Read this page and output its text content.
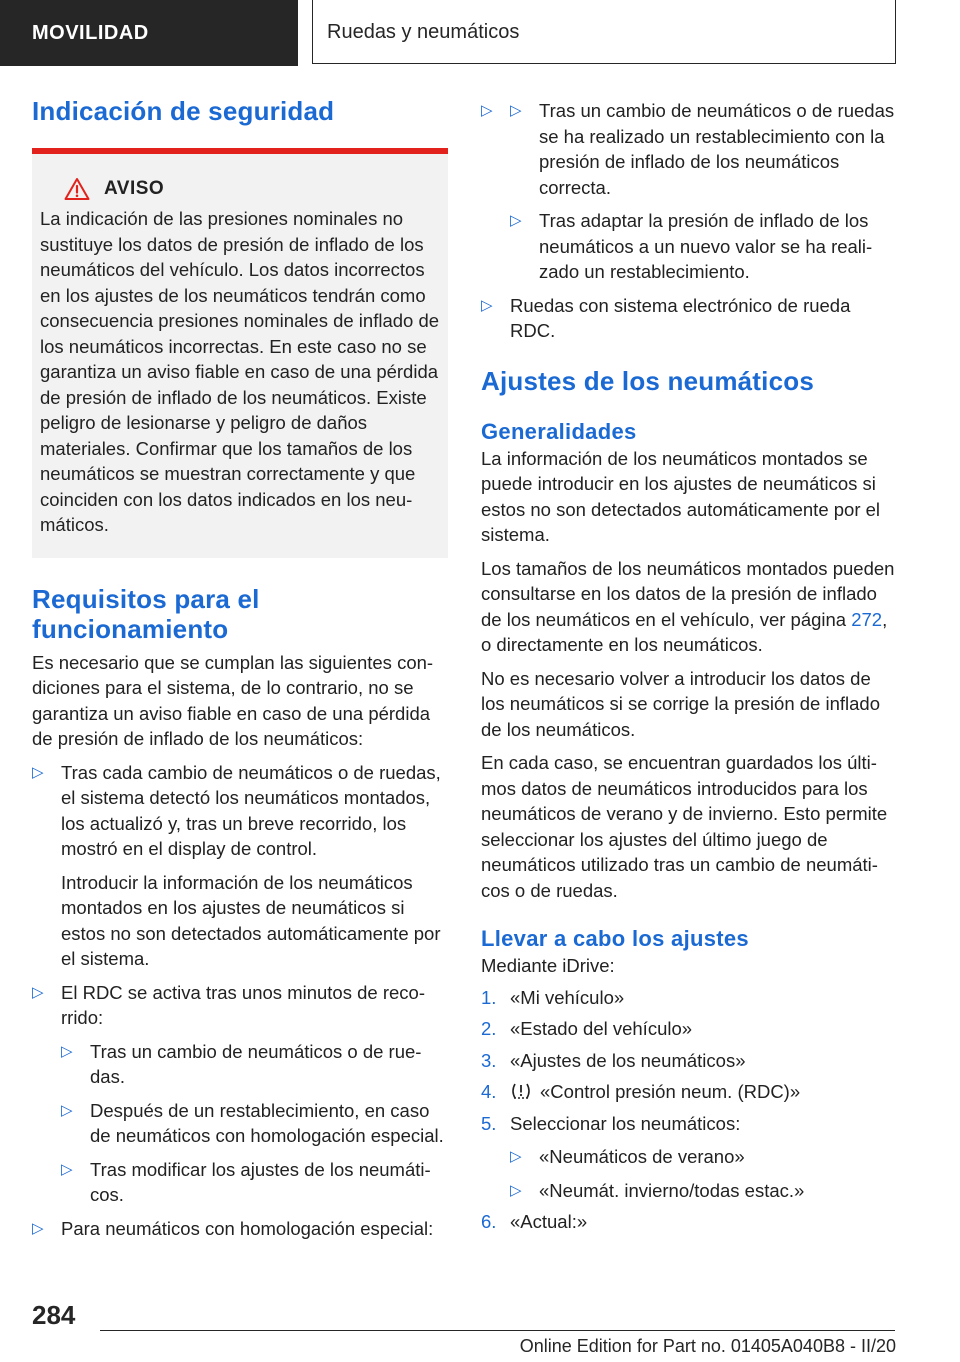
MOVILIDAD	Ruedas y neumáticos
Indicación de seguridad
AVISO

La indicación de las presiones nominales no sustituye los datos de presión de inflado de los neumáticos del vehículo. Los datos incorrectos en los ajustes de los neumáticos tendrán como consecuencia presiones nominales de inflado de los neumáticos incorrectas. En este caso no se garantiza un aviso fiable en caso de una pérdida de presión de inflado de los neumáticos. Existe peligro de lesionarse y peligro de daños materiales. Confirmar que los tamaños de los neumáticos se muestran correctamente y que coinciden con los datos indicados en los neumáticos.

Requisitos para el funcionamiento

Es necesario que se cumplan las siguientes condiciones para el sistema, de lo contrario, no se garantiza un aviso fiable en caso de una pérdida de presión de inflado de los neumáticos:

▷ Tras cada cambio de neumáticos o de ruedas, el sistema detectó los neumáticos montados, los actualizó y, tras un breve recorrido, los mostró en el display de control.

Introducir la información de los neumáticos montados en los ajustes de neumáticos si estos no son detectados automáticamente por el sistema.

▷ El RDC se activa tras unos minutos de recorrido:
▷ Tras un cambio de neumáticos o de ruedas.
▷ Después de un restablecimiento, en caso de neumáticos con homologación especial.
▷ Tras modificar los ajustes de los neumáticos.
▷ Para neumáticos con homologación especial:
▷ ▷ Tras un cambio de neumáticos o de ruedas se ha realizado un restablecimiento con la presión de inflado de los neumáticos correcta.
▷ Tras adaptar la presión de inflado de los neumáticos a un nuevo valor se ha realizado un restablecimiento.
▷ Ruedas con sistema electrónico de rueda RDC.
Ajustes de los neumáticos
Generalidades

La información de los neumáticos montados se puede introducir en los ajustes de neumáticos si estos no son detectados automáticamente por el sistema.

Los tamaños de los neumáticos montados pueden consultarse en los datos de la presión de inflado de los neumáticos en el vehículo, ver página 272, o directamente en los neumáticos.

No es necesario volver a introducir los datos de los neumáticos si se corrige la presión de inflado de los neumáticos.

En cada caso, se encuentran guardados los últimos datos de neumáticos introducidos para los neumáticos de verano y de invierno. Esto permite seleccionar los ajustes del último juego de neumáticos utilizado tras un cambio de neumáticos o de ruedas.

Llevar a cabo los ajustes

Mediante iDrive:

1. «Mi vehículo»
2. «Estado del vehículo»
3. «Ajustes de los neumáticos»
4. «Control presión neum. (RDC)»
5. Seleccionar los neumáticos:
▷ «Neumáticos de verano»
▷ «Neumát. invierno/todas estac.»
6. «Actual:»
284
Online Edition for Part no. 01405A040B8 - II/20
